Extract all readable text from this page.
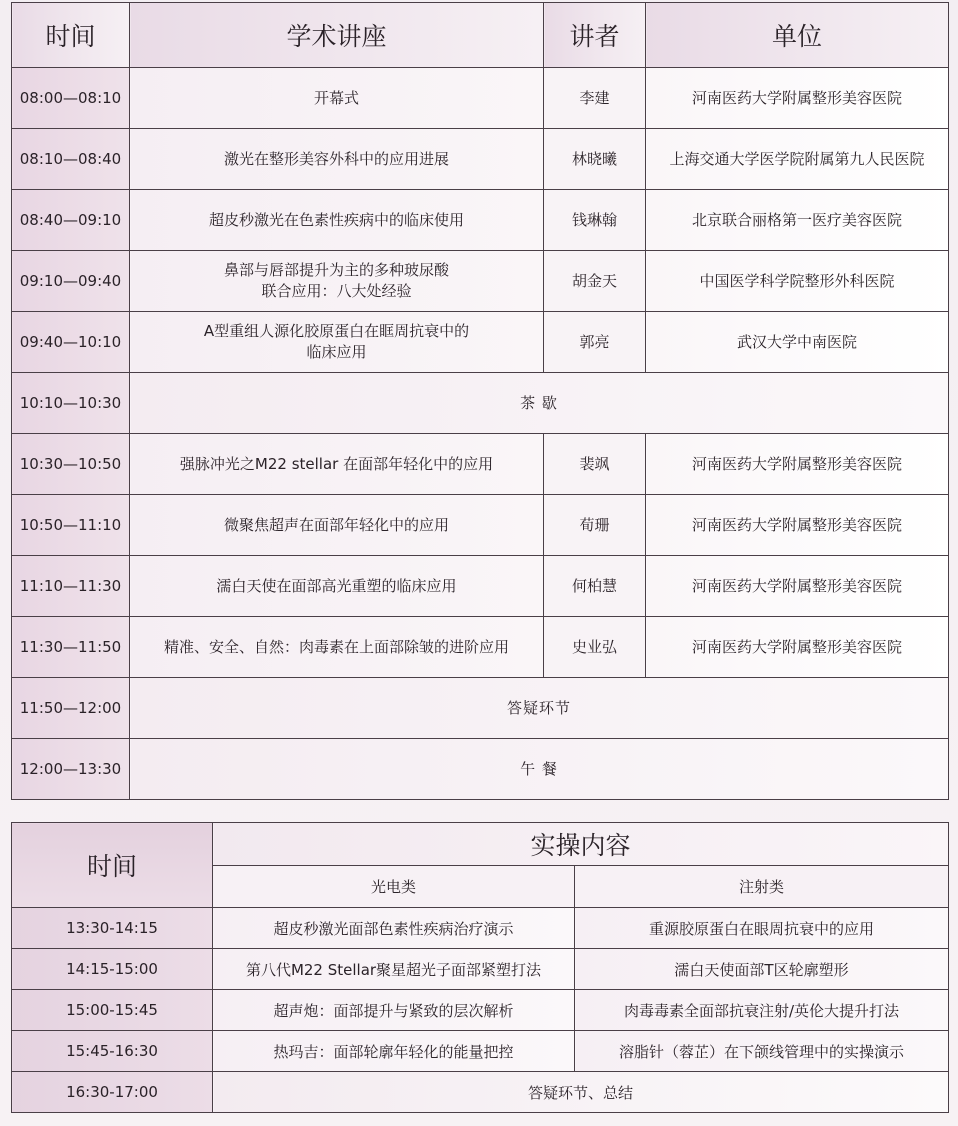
时间	学术讲座	讲者	单位
08:00—08:10	开幕式	李建	河南医药大学附属整形美容医院
08:10—08:40	激光在整形美容外科中的应用进展	林晓曦	上海交通大学医学院附属第九人民医院
08:40—09:10	超皮秒激光在色素性疾病中的临床使用	钱琳翰	北京联合丽格第一医疗美容医院
09:10—09:40	鼻部与唇部提升为主的多种玻尿酸
联合应用：八大处经验	胡金天	中国医学科学院整形外科医院
09:40—10:10	A型重组人源化胶原蛋白在眶周抗衰中的
临床应用	郭亮	武汉大学中南医院
10:10—10:30	茶 歇		
10:30—10:50	强脉冲光之M22 stellar 在面部年轻化中的应用	裴飒	河南医药大学附属整形美容医院
10:50—11:10	微聚焦超声在面部年轻化中的应用	荀珊	河南医药大学附属整形美容医院
11:10—11:30	濡白天使在面部高光重塑的临床应用	何柏慧	河南医药大学附属整形美容医院
11:30—11:50	精准、安全、自然：肉毒素在上面部除皱的进阶应用	史业弘	河南医药大学附属整形美容医院
11:50—12:00	答疑环节		
12:00—13:30	午 餐		
时间	实操内容	
	光电类	注射类
13:30-14:15	超皮秒激光面部色素性疾病治疗演示	重源胶原蛋白在眼周抗衰中的应用
14:15-15:00	第八代M22 Stellar聚星超光子面部紧塑打法	濡白天使面部T区轮廓塑形
15:00-15:45	超声炮：面部提升与紧致的层次解析	肉毒毒素全面部抗衰注射/英伦大提升打法
15:45-16:30	热玛吉：面部轮廓年轻化的能量把控	溶脂针（蓉芷）在下颌线管理中的实操演示
16:30-17:00	答疑环节、总结	
